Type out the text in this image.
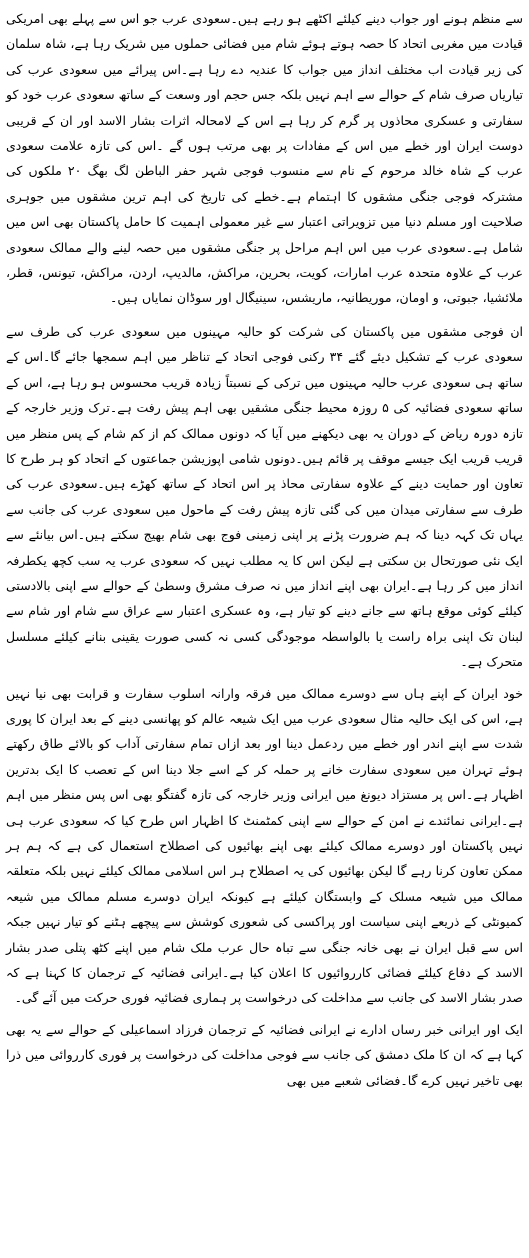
سے منظم ہونے اور جواب دینے کیلئے اکٹھے ہو رہے ہیں۔سعودی عرب جو اس سے پہلے بھی امریکی قیادت میں مغربی اتحاد کا حصہ ہوتے ہوئے شام میں فضائی حملوں میں شریک رہا ہے، شاہ سلمان کی زیر قیادت اب مختلف انداز میں جواب کا عندیہ دے رہا ہے۔اس پیرائے میں سعودی عرب کی تیاریاں صرف شام کے حوالے سے اہم نہیں بلکہ جس حجم اور وسعت کے ساتھ سعودی عرب خود کو سفارتی و عسکری محاذوں پر گرم کر رہا ہے اس کے لامحالہ اثرات بشار الاسد اور ان کے قریبی دوست ایران اور خطے میں اس کے مفادات پر بھی مرتب ہوں گے ۔اس کی تازہ علامت سعودی عرب کے شاہ خالد مرحوم کے نام سے منسوب فوجی شہر حفر الباطن لگ بھگ ۲۰ ملکوں کی مشترکہ فوجی جنگی مشقوں کا اہتمام ہے۔خطے کی تاریخ کی اہم ترین مشقوں میں جوہری صلاحیت اور مسلم دنیا میں تزویراتی اعتبار سے غیر معمولی اہمیت کا حامل پاکستان بھی اس میں شامل ہے۔سعودی عرب میں اس اہم مراحل پر جنگی مشقوں میں حصہ لینے والے ممالک سعودی عرب کے علاوہ متحدہ عرب امارات، کویت، بحرین، مراکش، مالدیپ، اردن، مراکش، تیونس، قطر، ملائشیا، جبوتی، و اومان، موریطانیہ، ماریشس، سینیگال اور سوڈان نمایاں ہیں۔

ان فوجی مشقوں میں پاکستان کی شرکت کو حالیہ مہینوں میں سعودی عرب کی طرف سے سعودی عرب کے تشکیل دیئے گئے ۳۴ رکنی فوجی اتحاد کے تناظر میں اہم سمجھا جائے گا۔اس کے ساتھ ہی سعودی عرب حالیہ مہینوں میں ترکی کے نسبتاً زیادہ قریب محسوس ہو رہا ہے، اس کے ساتھ سعودی فضائیہ کی ۵ روزہ محیط جنگی مشقیں بھی اہم پیش رفت ہے۔ترک وزیر خارجہ کے تازہ دورہ ریاض کے دوران یہ بھی دیکھنے میں آیا کہ دونوں ممالک کم از کم شام کے پس منظر میں قریب قریب ایک جیسے موقف پر قائم ہیں۔دونوں شامی اپوزیشن جماعتوں کے اتحاد کو ہر طرح کا تعاون اور حمایت دینے کے علاوہ سفارتی محاذ پر اس اتحاد کے ساتھ کھڑے ہیں۔سعودی عرب کی طرف سے سفارتی میدان میں کی گئی تازہ پیش رفت کے ماحول میں سعودی عرب کی جانب سے یہاں تک کہہ دینا کہ ہم ضرورت پڑنے پر اپنی زمینی فوج بھی شام بھیج سکتے ہیں۔اس بیانئے سے ایک نئی صورتحال بن سکتی ہے لیکن اس کا یہ مطلب نہیں کہ سعودی عرب یہ سب کچھ یکطرفہ انداز میں کر رہا ہے۔ایران بھی اپنے انداز میں نہ صرف مشرق وسطیٰ کے حوالے سے اپنی بالادستی کیلئے کوئی موقع ہاتھ سے جانے دینے کو تیار ہے، وہ عسکری اعتبار سے عراق سے شام اور شام سے لبنان تک اپنی براہ راست یا بالواسطہ موجودگی کسی نہ کسی صورت یقینی بنانے کیلئے مسلسل متحرک ہے۔

خود ایران کے اپنے ہاں سے دوسرے ممالک میں فرقہ وارانہ اسلوب سفارت و قرابت بھی نیا نہیں ہے، اس کی ایک حالیہ مثال سعودی عرب میں ایک شیعہ عالم کو پھانسی دینے کے بعد ایران کا پوری شدت سے اپنے اندر اور خطے میں ردعمل دینا اور بعد ازاں تمام سفارتی آداب کو بالائے طاق رکھتے ہوئے تہران میں سعودی سفارت خانے پر حملہ کر کے اسے جلا دینا اس کے تعصب کا ایک بدترین اظہار ہے۔اس پر مستزاد دیونغ میں ایرانی وزیر خارجہ کی تازہ گفتگو بھی اس پس منظر میں اہم ہے۔ایرانی نمائندے نے امن کے حوالے سے اپنی کمٹمنٹ کا اظہار اس طرح کیا کہ سعودی عرب ہی نہیں پاکستان اور دوسرے ممالک کیلئے بھی اپنے بھائیوں کی اصطلاح استعمال کی ہے کہ ہم ہر ممکن تعاون کرنا رہے گا لیکن بھائیوں کی یہ اصطلاح ہر اس اسلامی ممالک کیلئے نہیں بلکہ متعلقہ ممالک میں شیعہ مسلک کے وابستگان کیلئے ہے کیونکہ ایران دوسرے مسلم ممالک میں شیعہ کمیونٹی کے ذریعے اپنی سیاست اور پراکسی کی شعوری کوشش سے پیچھے ہٹنے کو تیار نہیں جبکہ اس سے قبل ایران نے بھی خانہ جنگی سے تباہ حال عرب ملک شام میں اپنے کٹھ پتلی صدر بشار الاسد کے دفاع کیلئے فضائی کارروائیوں کا اعلان کیا ہے۔ایرانی فضائیہ کے ترجمان کا کہنا ہے کہ صدر بشار الاسد کی جانب سے مداخلت کی درخواست پر ہماری فضائیہ فوری حرکت میں آئے گی۔

ایک اور ایرانی خبر رساں ادارے نے ایرانی فضائیہ کے ترجمان فرزاد اسماعیلی کے حوالے سے یہ بھی کہا ہے کہ ان کا ملک دمشق کی جانب سے فوجی مداخلت کی درخواست پر فوری کارروائی میں ذرا بھی تاخیر نہیں کرے گا۔فضائی شعبے میں بھی
